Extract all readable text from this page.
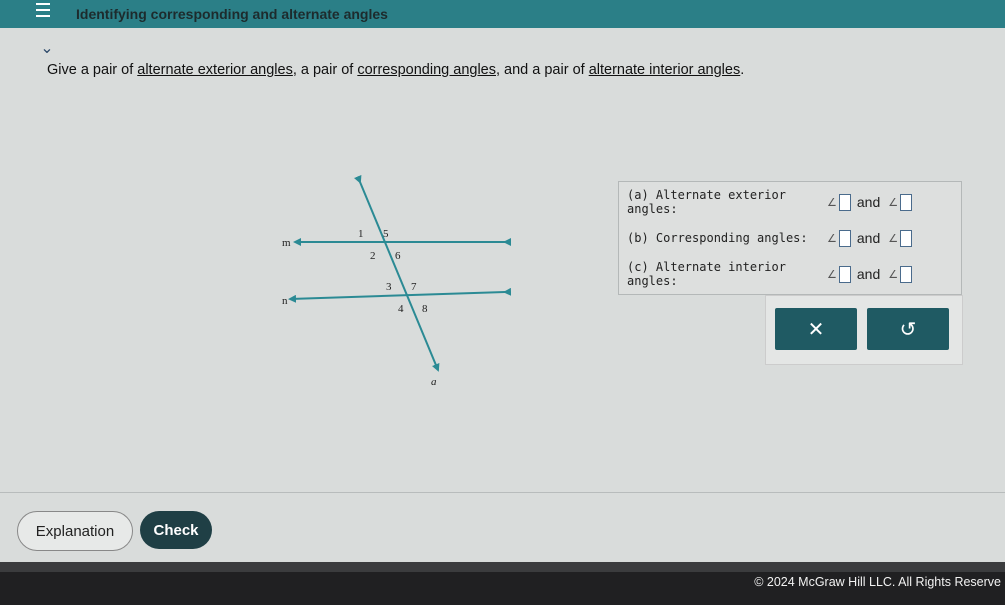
Identifying corresponding and alternate angles
⌄
Give a pair of alternate exterior angles, a pair of corresponding angles, and a pair of alternate interior angles.
m
n
a
1 5
2 6
3 7
4 8
(a) Alternate exterior angles:	∠ and ∠
(b) Corresponding angles:	∠ and ∠
(c) Alternate interior angles:	∠ and ∠
✕	↺
Explanation	Check
© 2024 McGraw Hill LLC. All Rights Reserve
